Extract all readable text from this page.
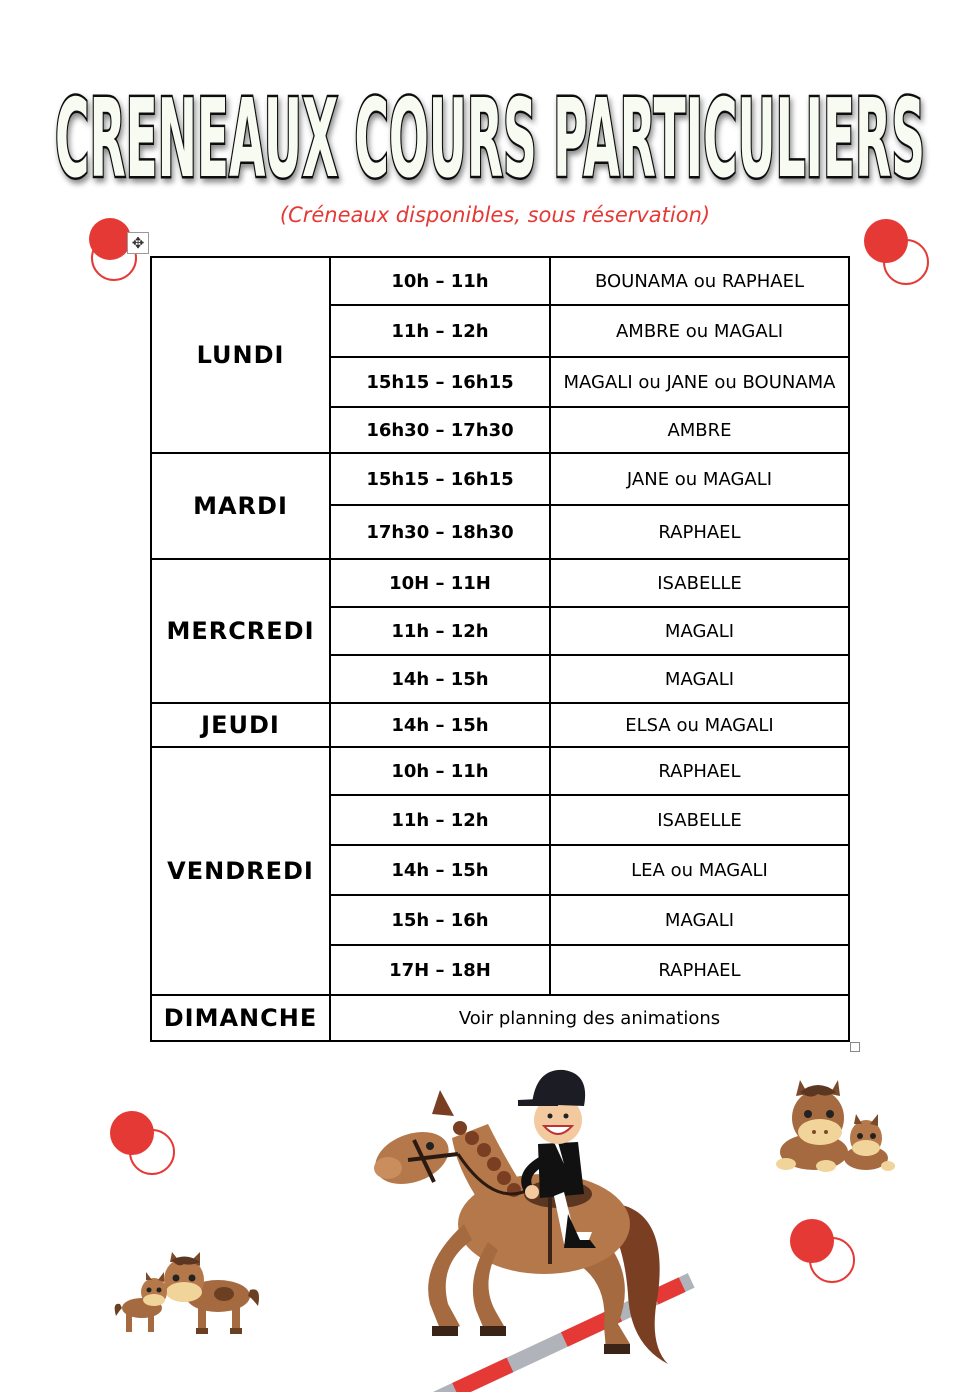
CRENEAUX COURS PARTICULIERS
(Créneaux disponibles, sous réservation)
✥
LUNDI	10h – 11h	BOUNAMA ou RAPHAEL
	11h – 12h	AMBRE ou MAGALI
	15h15 – 16h15	MAGALI ou JANE ou BOUNAMA
	16h30 – 17h30	AMBRE
MARDI	15h15 – 16h15	JANE ou MAGALI
	17h30 – 18h30	RAPHAEL
MERCREDI	10H – 11H	ISABELLE
	11h – 12h	MAGALI
	14h – 15h	MAGALI
JEUDI	14h – 15h	ELSA ou MAGALI
VENDREDI	10h – 11h	RAPHAEL
	11h – 12h	ISABELLE
	14h – 15h	LEA ou MAGALI
	15h – 16h	MAGALI
	17H – 18H	RAPHAEL
DIMANCHE	Voir planning des animations	
